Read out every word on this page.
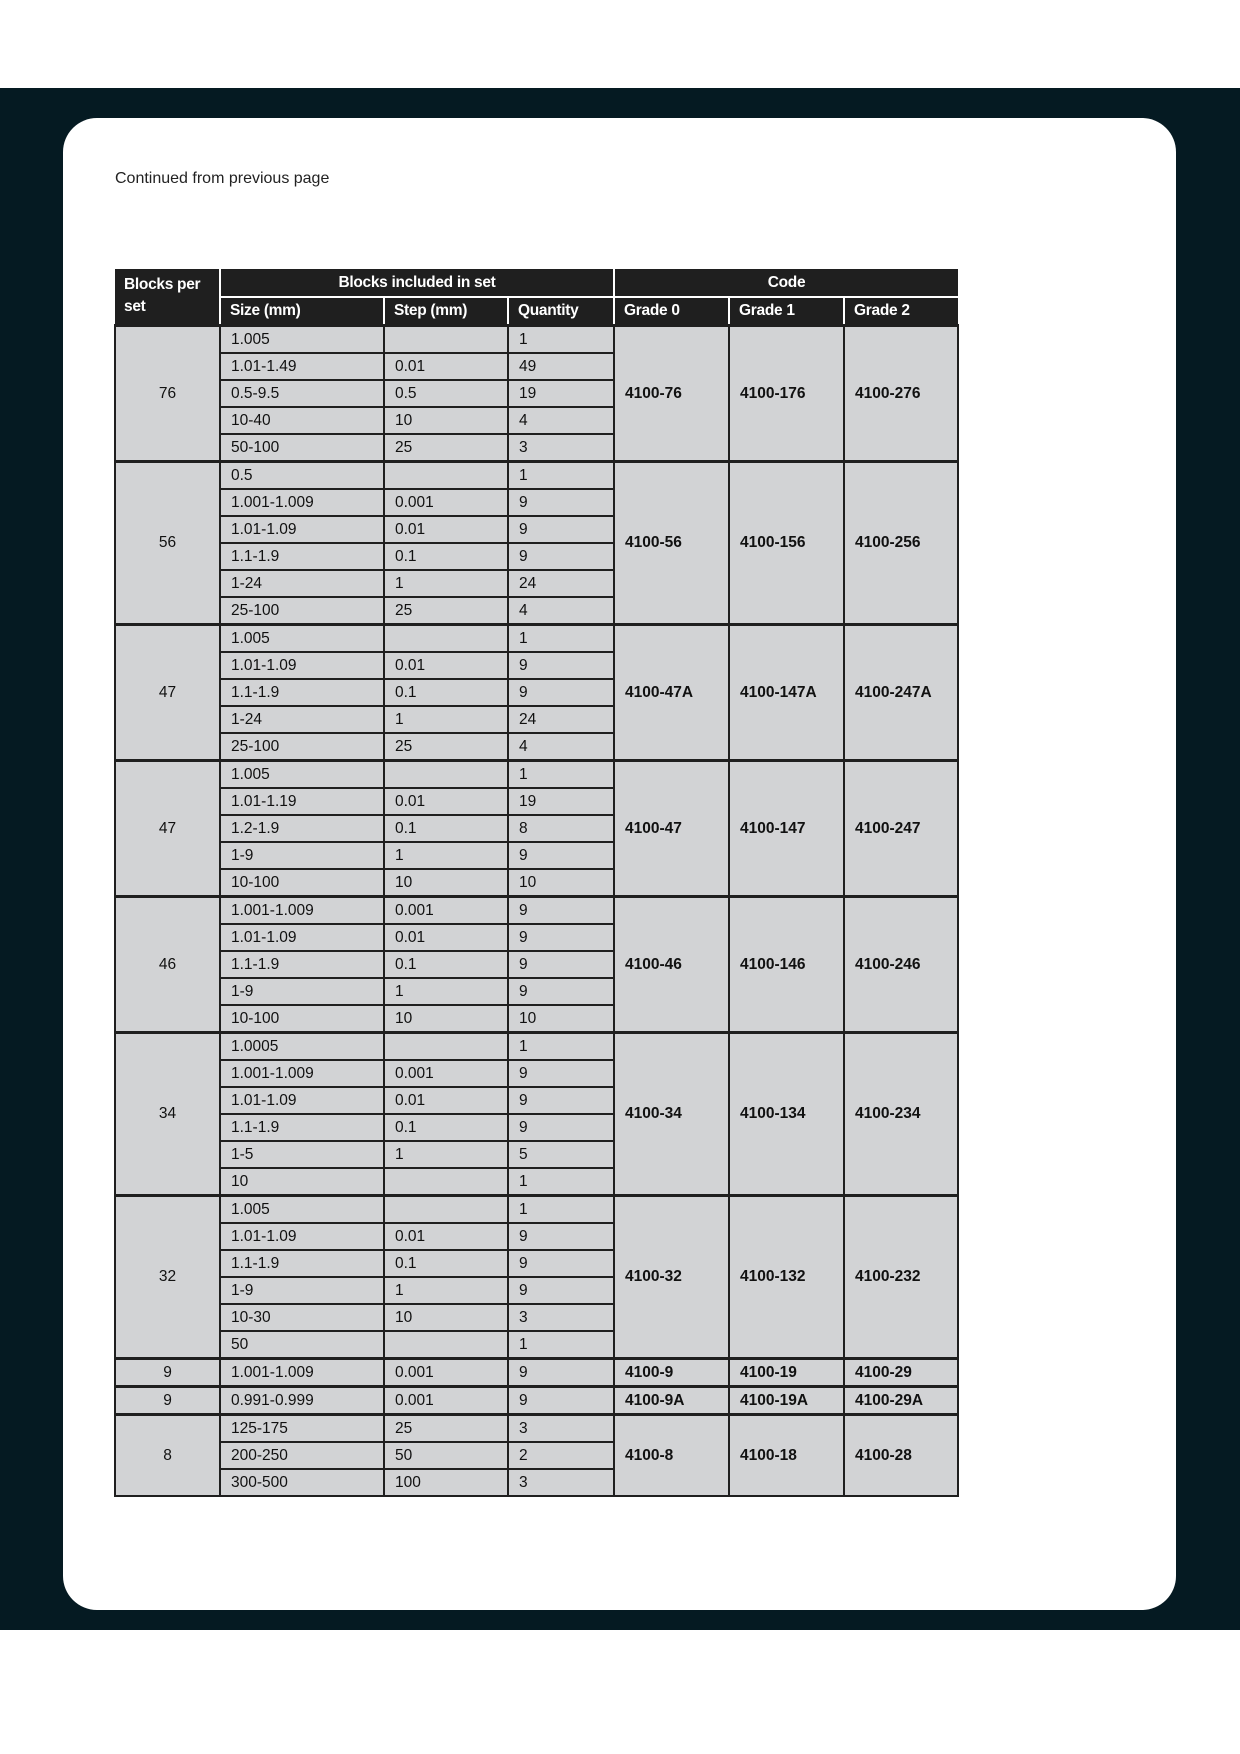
Continued from previous page

Blocks per set	Blocks included in set			Code		
	Size (mm)	Step (mm)	Quantity	Grade 0	Grade 1	Grade 2
76	1.005		1	4100-76	4100-176	4100-276
	1.01-1.49	0.01	49			
	0.5-9.5	0.5	19			
	10-40	10	4			
	50-100	25	3			
56	0.5		1	4100-56	4100-156	4100-256
	1.001-1.009	0.001	9			
	1.01-1.09	0.01	9			
	1.1-1.9	0.1	9			
	1-24	1	24			
	25-100	25	4			
47	1.005		1	4100-47A	4100-147A	4100-247A
	1.01-1.09	0.01	9			
	1.1-1.9	0.1	9			
	1-24	1	24			
	25-100	25	4			
47	1.005		1	4100-47	4100-147	4100-247
	1.01-1.19	0.01	19			
	1.2-1.9	0.1	8			
	1-9	1	9			
	10-100	10	10			
46	1.001-1.009	0.001	9	4100-46	4100-146	4100-246
	1.01-1.09	0.01	9			
	1.1-1.9	0.1	9			
	1-9	1	9			
	10-100	10	10			
34	1.0005		1	4100-34	4100-134	4100-234
	1.001-1.009	0.001	9			
	1.01-1.09	0.01	9			
	1.1-1.9	0.1	9			
	1-5	1	5			
	10		1			
32	1.005		1	4100-32	4100-132	4100-232
	1.01-1.09	0.01	9			
	1.1-1.9	0.1	9			
	1-9	1	9			
	10-30	10	3			
	50		1			
9	1.001-1.009	0.001	9	4100-9	4100-19	4100-29
9	0.991-0.999	0.001	9	4100-9A	4100-19A	4100-29A
8	125-175	25	3	4100-8	4100-18	4100-28
	200-250	50	2			
	300-500	100	3			
